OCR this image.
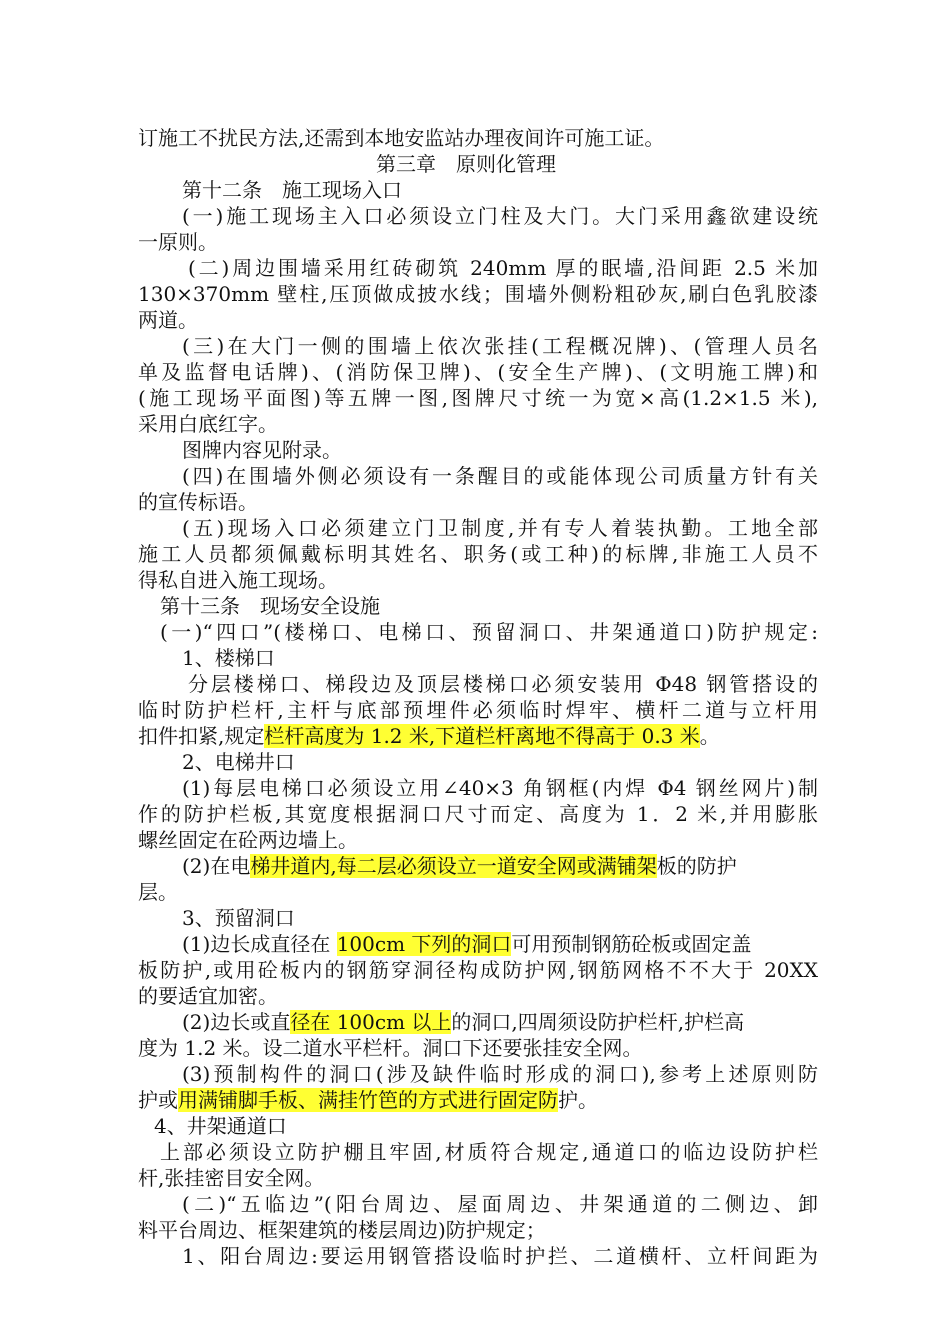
订施工不扰民方法,还需到本地安监站办理夜间许可施工证。
第三章　原则化管理
第十二条　施工现场入口
(一)施工现场主入口必须设立门柱及大门。大门采用鑫欲建设统
一原则。
(二)周边围墙采用红砖砌筑 240mm 厚的眠墙,沿间距 2.5 米加
130×370mm 壁柱,压顶做成披水线；围墙外侧粉粗砂灰,刷白色乳胶漆
两道。
(三)在大门一侧的围墙上依次张挂(工程概况牌)、(管理人员名
单及监督电话牌)、(消防保卫牌)、(安全生产牌)、(文明施工牌)和
(施工现场平面图)等五牌一图,图牌尺寸统一为宽×高(1.2×1.5 米),
采用白底红字。
图牌内容见附录。
(四)在围墙外侧必须设有一条醒目的或能体现公司质量方针有关
的宣传标语。
(五)现场入口必须建立门卫制度,并有专人着装执勤。工地全部
施工人员都须佩戴标明其姓名、职务(或工种)的标牌,非施工人员不
得私自进入施工现场。
第十三条　现场安全设施
(一)“四口”(楼梯口、电梯口、预留洞口、井架通道口)防护规定:
1、楼梯口
分层楼梯口、梯段边及顶层楼梯口必须安装用 Φ48 钢管搭设的
临时防护栏杆,主杆与底部预埋件必须临时焊牢、横杆二道与立杆用
扣件扣紧,规定栏杆高度为 1.2 米,下道栏杆离地不得高于 0.3 米。
2、电梯井口
(1)每层电梯口必须设立用∠40×3 角钢框(内焊 Φ4 钢丝网片)制
作的防护栏板,其宽度根据洞口尺寸而定、高度为 1．2 米,并用膨胀
螺丝固定在砼两边墙上。
(2)在电梯井道内,每二层必须设立一道安全网或满铺架板的防护
层。
3、预留洞口
(1)边长成直径在 100cm 下列的洞口可用预制钢筋砼板或固定盖
板防护,或用砼板内的钢筋穿洞径构成防护网,钢筋网格不不大于 20XX
的要适宜加密。
(2)边长或直径在 100cm 以上的洞口,四周须设防护栏杆,护栏高
度为 1.2 米。设二道水平栏杆。洞口下还要张挂安全网。
(3)预制构件的洞口(涉及缺件临时形成的洞口),参考上述原则防
护或用满铺脚手板、满挂竹笆的方式进行固定防护。
4、井架通道口
上部必须设立防护棚且牢固,材质符合规定,通道口的临边设防护栏
杆,张挂密目安全网。
(二)“五临边”(阳台周边、屋面周边、井架通道的二侧边、卸
料平台周边、框架建筑的楼层周边)防护规定；
1、阳台周边:要运用钢管搭设临时护拦、二道横杆、立杆间距为
